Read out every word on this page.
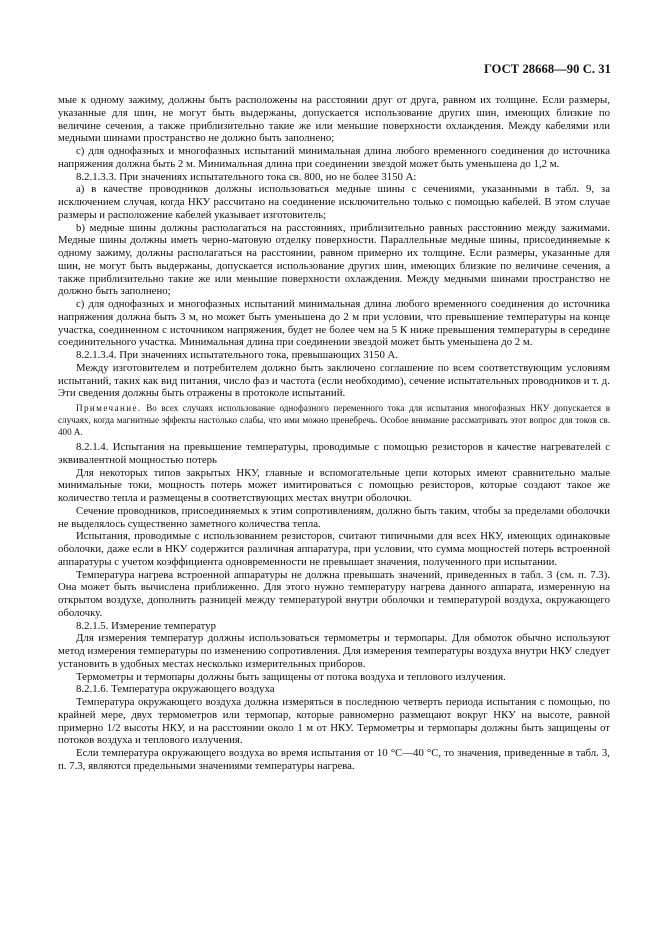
ГОСТ 28668—90 С. 31

мые к одному зажиму, должны быть расположены на расстоянии друг от друга, равном их толщине. Если размеры, указанные для шин, не могут быть выдержаны, допускается использование других шин, имеющих близкие по величине сечения, а также приблизительно такие же или меньшие поверхности охлаждения. Между кабелями или медными шинами пространство не должно быть заполнено;

с) для однофазных и многофазных испытаний минимальная длина любого временного соединения до источника напряжения должна быть 2 м. Минимальная длина при соединении звездой может быть уменьшена до 1,2 м.

8.2.1.3.3. При значениях испытательного тока св. 800, но не более 3150 А:

а) в качестве проводников должны использоваться медные шины с сечениями, указанными в табл. 9, за исключением случая, когда НКУ рассчитано на соединение исключительно только с помощью кабелей. В этом случае размеры и расположение кабелей указывает изготовитель;

b) медные шины должны располагаться на расстояниях, приблизительно равных расстоянию между зажимами. Медные шины должны иметь черно-матовую отделку поверхности. Параллельные медные шины, присоединяемые к одному зажиму, должны располагаться на расстоянии, равном примерно их толщине. Если размеры, указанные для шин, не могут быть выдержаны, допускается использование других шин, имеющих близкие по величине сечения, а также приблизительно такие же или меньшие поверхности охлаждения. Между медными шинами пространство не должно быть заполнено;

с) для однофазных и многофазных испытаний минимальная длина любого временного соединения до источника напряжения должна быть 3 м, но может быть уменьшена до 2 м при условии, что превышение температуры на конце участка, соединенном с источником напряжения, будет не более чем на 5 К ниже превышения температуры в середине соединительного участка. Минимальная длина при соединении звездой может быть уменьшена до 2 м.

8.2.1.3.4. При значениях испытательного тока, превышающих 3150 А.

Между изготовителем и потребителем должно быть заключено соглашение по всем соответствующим условиям испытаний, таких как вид питания, число фаз и частота (если необходимо), сечение испытательных проводников и т. д. Эти сведения должны быть отражены в протоколе испытаний.

Примечание. Во всех случаях использование однофазного переменного тока для испытания многофазных НКУ допускается в случаях, когда магнитные эффекты настолько слабы, что ими можно пренебречь. Особое внимание рассматривать этот вопрос для токов св. 400 А.

8.2.1.4. Испытания на превышение температуры, проводимые с помощью резисторов в качестве нагревателей с эквивалентной мощностью потерь

Для некоторых типов закрытых НКУ, главные и вспомогательные цепи которых имеют сравнительно малые минимальные токи, мощность потерь может имитироваться с помощью резисторов, которые создают такое же количество тепла и размещены в соответствующих местах внутри оболочки.

Сечение проводников, присоединяемых к этим сопротивлениям, должно быть таким, чтобы за пределами оболочки не выделялось существенно заметного количества тепла.

Испытания, проводимые с использованием резисторов, считают типичными для всех НКУ, имеющих одинаковые оболочки, даже если в НКУ содержится различная аппаратура, при условии, что сумма мощностей потерь встроенной аппаратуры с учетом коэффициента одновременности не превышает значения, полученного при испытании.

Температура нагрева встроенной аппаратуры не должна превышать значений, приведенных в табл. 3 (см. п. 7.3). Она может быть вычислена приближенно. Для этого нужно температуру нагрева данного аппарата, измеренную на открытом воздухе, дополнить разницей между температурой внутри оболочки и температурой воздуха, окружающего оболочку.

8.2.1.5. Измерение температур

Для измерения температур должны использоваться термометры и термопары. Для обмоток обычно используют метод измерения температуры по изменению сопротивления. Для измерения температуры воздуха внутри НКУ следует установить в удобных местах несколько измерительных приборов.

Термометры и термопары должны быть защищены от потока воздуха и теплового излучения.

8.2.1.6. Температура окружающего воздуха

Температура окружающего воздуха должна измеряться в последнюю четверть периода испытания с помощью, по крайней мере, двух термометров или термопар, которые равномерно размещают вокруг НКУ на высоте, равной примерно 1/2 высоты НКУ, и на расстоянии около 1 м от НКУ. Термометры и термопары должны быть защищены от потоков воздуха и теплового излучения.

Если температура окружающего воздуха во время испытания от 10 °С—40 °С, то значения, приведенные в табл. 3, п. 7.3, являются предельными значениями температуры нагрева.
